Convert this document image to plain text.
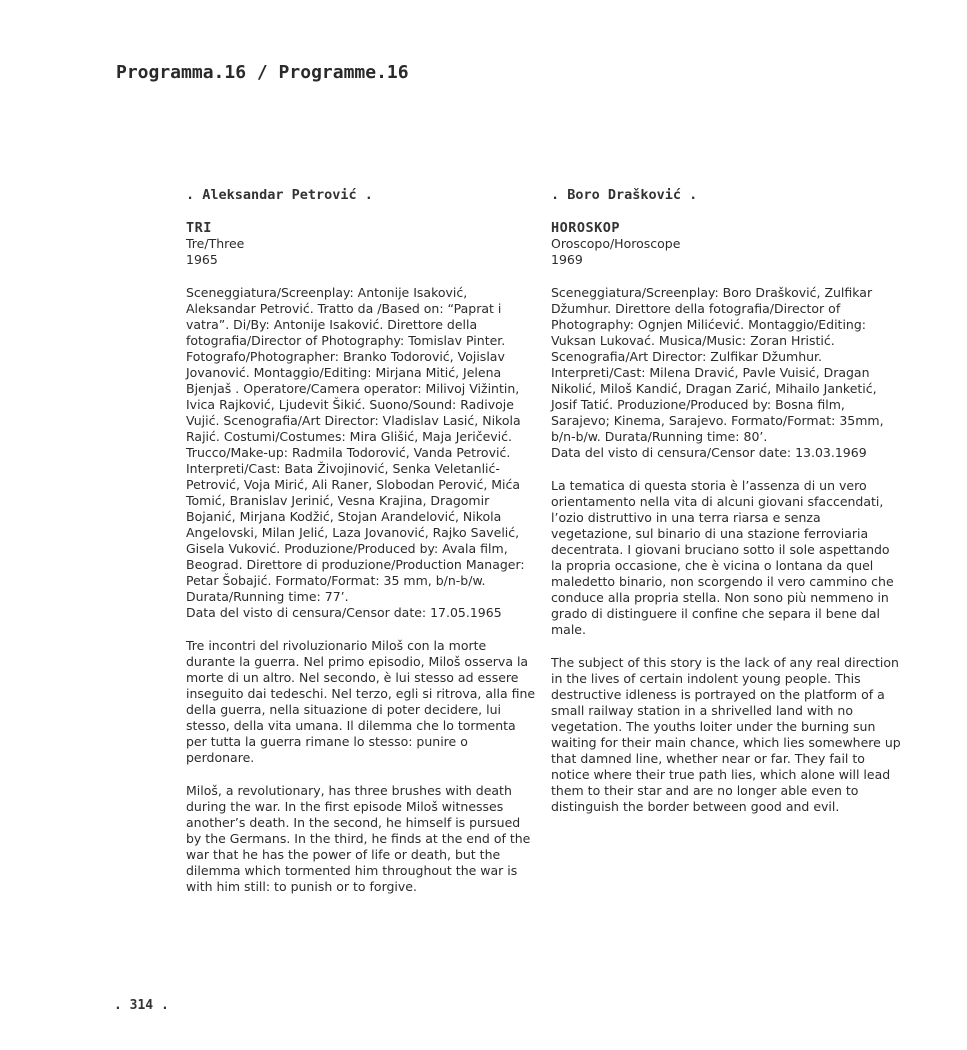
Programma.16 / Programme.16

. Aleksandar Petrović .

TRI

Tre/Three

1965

Sceneggiatura/Screenplay: Antonije Isaković, Aleksandar Petrović. Tratto da /Based on: “Paprat i vatra”. Di/By: Antonije Isaković. Direttore della fotografia/Director of Photography: Tomislav Pinter. Fotografo/Photographer: Branko Todorović, Vojislav Jovanović. Montaggio/Editing: Mirjana Mitić, Jelena Bjenjaš . Operatore/Camera operator: Milivoj Vižintin, Ivica Rajković, Ljudevit Šikić. Suono/Sound: Radivoje Vujić. Scenografia/Art Director: Vladislav Lasić, Nikola Rajić. Costumi/Costumes: Mira Glišić, Maja Jeričević. Trucco/Make-up: Radmila Todorović, Vanda Petrović. Interpreti/Cast: Bata Živojinović, Senka Veletanlić-Petrović, Voja Mirić, Ali Raner, Slobodan Perović, Mića Tomić, Branislav Jerinić, Vesna Krajina, Dragomir Bojanić, Mirjana Kodžić, Stojan Arandelović, Nikola Angelovski, Milan Jelić, Laza Jovanović, Rajko Savelić, Gisela Vuković. Produzione/Produced by: Avala film, Beograd. Direttore di produzione/Production Manager: Petar Šobajić. Formato/Format: 35 mm, b/n-b/w. Durata/Running time: 77’.

Data del visto di censura/Censor date: 17.05.1965

Tre incontri del rivoluzionario Miloš con la morte durante la guerra. Nel primo episodio, Miloš osserva la morte di un altro. Nel secondo, è lui stesso ad essere inseguito dai tedeschi. Nel terzo, egli si ritrova, alla fine della guerra, nella situazione di poter decidere, lui stesso, della vita umana. Il dilemma che lo tormenta per tutta la guerra rimane lo stesso: punire o perdonare.

Miloš, a revolutionary, has three brushes with death during the war. In the first episode Miloš witnesses another’s death. In the second, he himself is pursued by the Germans. In the third, he finds at the end of the war that he has the power of life or death, but the dilemma which tormented him throughout the war is with him still: to punish or to forgive.

. Boro Drašković .

HOROSKOP

Oroscopo/Horoscope

1969

Sceneggiatura/Screenplay: Boro Drašković, Zulfikar Džumhur. Direttore della fotografia/Director of Photography: Ognjen Milićević. Montaggio/Editing: Vuksan Lukovać. Musica/Music: Zoran Hristić. Scenografia/Art Director: Zulfikar Džumhur. Interpreti/Cast: Milena Dravić, Pavle Vuisić, Dragan Nikolić, Miloš Kandić, Dragan Zarić, Mihailo Janketić, Josif Tatić. Produzione/Produced by: Bosna film, Sarajevo; Kinema, Sarajevo. Formato/Format: 35mm, b/n-b/w. Durata/Running time: 80’.

Data del visto di censura/Censor date: 13.03.1969

La tematica di questa storia è l’assenza di un vero orientamento nella vita di alcuni giovani sfaccendati, l’ozio distruttivo in una terra riarsa e senza vegetazione, sul binario di una stazione ferroviaria decentrata. I giovani bruciano sotto il sole aspettando la propria occasione, che è vicina o lontana da quel maledetto binario, non scorgendo il vero cammino che conduce alla propria stella. Non sono più nemmeno in grado di distinguere il confine che separa il bene dal male.

The subject of this story is the lack of any real direction in the lives of certain indolent young people. This destructive idleness is portrayed on the platform of a small railway station in a shrivelled land with no vegetation. The youths loiter under the burning sun waiting for their main chance, which lies somewhere up that damned line, whether near or far. They fail to notice where their true path lies, which alone will lead them to their star and are no longer able even to distinguish the border between good and evil.

. 314 .
